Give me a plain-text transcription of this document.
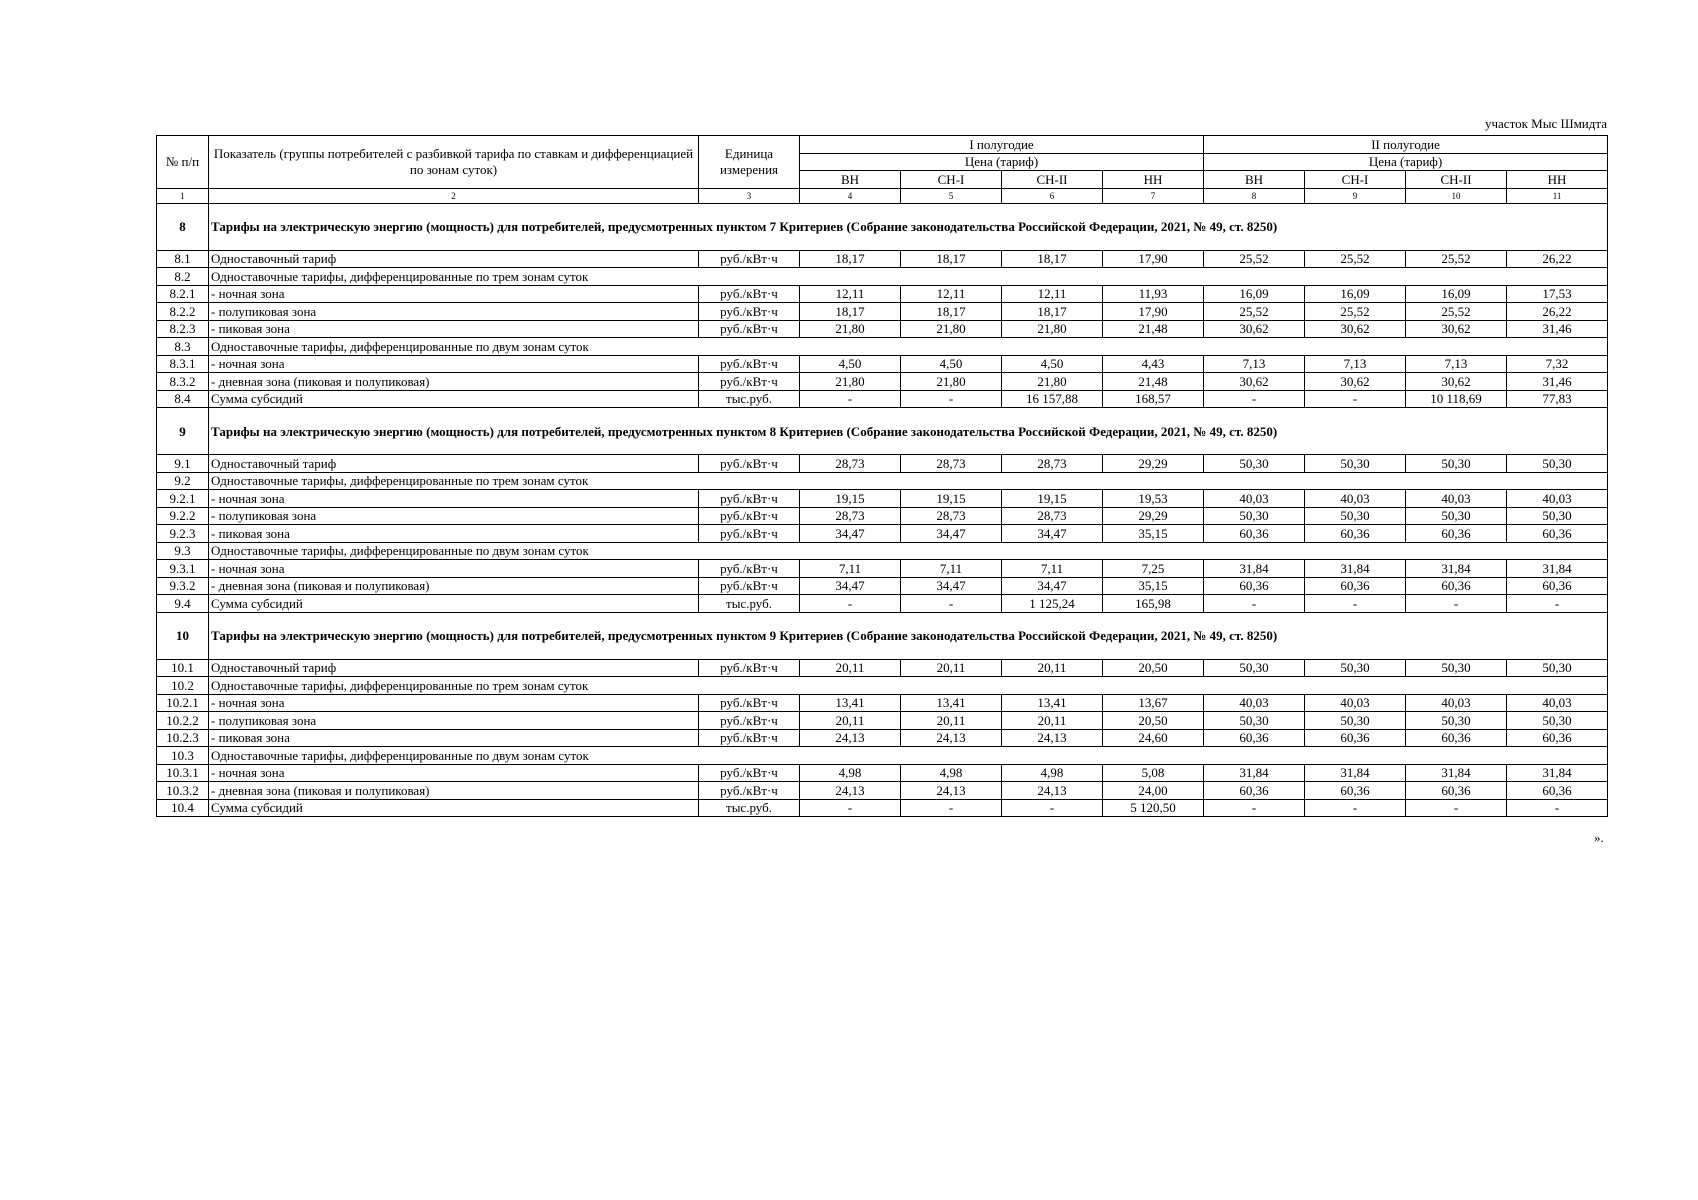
участок Мыс Шмидта
№ п/п	Показатель (группы потребителей с разбивкой тарифа по ставкам и дифференциацией по зонам суток)	Единица измерения	I полугодие				II полугодие			
			Цена (тариф)				Цена (тариф)			
			ВН	СН-I	СН-II	НН	ВН	СН-I	СН-II	НН
1	2	3	4	5	6	7	8	9	10	11
8	Тарифы на электрическую энергию (мощность) для потребителей, предусмотренных пунктом 7 Критериев (Собрание законодательства Российской Федерации, 2021, № 49, ст. 8250)									
8.1	Одноставочный тариф	руб./кВт·ч	18,17	18,17	18,17	17,90	25,52	25,52	25,52	26,22
8.2	Одноставочные тарифы, дифференцированные по трем зонам суток									
8.2.1	- ночная зона	руб./кВт·ч	12,11	12,11	12,11	11,93	16,09	16,09	16,09	17,53
8.2.2	- полупиковая зона	руб./кВт·ч	18,17	18,17	18,17	17,90	25,52	25,52	25,52	26,22
8.2.3	- пиковая зона	руб./кВт·ч	21,80	21,80	21,80	21,48	30,62	30,62	30,62	31,46
8.3	Одноставочные тарифы, дифференцированные по двум зонам суток									
8.3.1	- ночная зона	руб./кВт·ч	4,50	4,50	4,50	4,43	7,13	7,13	7,13	7,32
8.3.2	- дневная зона (пиковая и полупиковая)	руб./кВт·ч	21,80	21,80	21,80	21,48	30,62	30,62	30,62	31,46
8.4	Сумма субсидий	тыс.руб.	-	-	16 157,88	168,57	-	-	10 118,69	77,83
9	Тарифы на электрическую энергию (мощность) для потребителей, предусмотренных пунктом 8 Критериев (Собрание законодательства Российской Федерации, 2021, № 49, ст. 8250)									
9.1	Одноставочный тариф	руб./кВт·ч	28,73	28,73	28,73	29,29	50,30	50,30	50,30	50,30
9.2	Одноставочные тарифы, дифференцированные по трем зонам суток									
9.2.1	- ночная зона	руб./кВт·ч	19,15	19,15	19,15	19,53	40,03	40,03	40,03	40,03
9.2.2	- полупиковая зона	руб./кВт·ч	28,73	28,73	28,73	29,29	50,30	50,30	50,30	50,30
9.2.3	- пиковая зона	руб./кВт·ч	34,47	34,47	34,47	35,15	60,36	60,36	60,36	60,36
9.3	Одноставочные тарифы, дифференцированные по двум зонам суток									
9.3.1	- ночная зона	руб./кВт·ч	7,11	7,11	7,11	7,25	31,84	31,84	31,84	31,84
9.3.2	- дневная зона (пиковая и полупиковая)	руб./кВт·ч	34,47	34,47	34,47	35,15	60,36	60,36	60,36	60,36
9.4	Сумма субсидий	тыс.руб.	-	-	1 125,24	165,98	-	-	-	-
10	Тарифы на электрическую энергию (мощность) для потребителей, предусмотренных пунктом 9 Критериев (Собрание законодательства Российской Федерации, 2021, № 49, ст. 8250)									
10.1	Одноставочный тариф	руб./кВт·ч	20,11	20,11	20,11	20,50	50,30	50,30	50,30	50,30
10.2	Одноставочные тарифы, дифференцированные по трем зонам суток									
10.2.1	- ночная зона	руб./кВт·ч	13,41	13,41	13,41	13,67	40,03	40,03	40,03	40,03
10.2.2	- полупиковая зона	руб./кВт·ч	20,11	20,11	20,11	20,50	50,30	50,30	50,30	50,30
10.2.3	- пиковая зона	руб./кВт·ч	24,13	24,13	24,13	24,60	60,36	60,36	60,36	60,36
10.3	Одноставочные тарифы, дифференцированные по двум зонам суток									
10.3.1	- ночная зона	руб./кВт·ч	4,98	4,98	4,98	5,08	31,84	31,84	31,84	31,84
10.3.2	- дневная зона (пиковая и полупиковая)	руб./кВт·ч	24,13	24,13	24,13	24,00	60,36	60,36	60,36	60,36
10.4	Сумма субсидий	тыс.руб.	-	-	-	5 120,50	-	-	-	-
».
